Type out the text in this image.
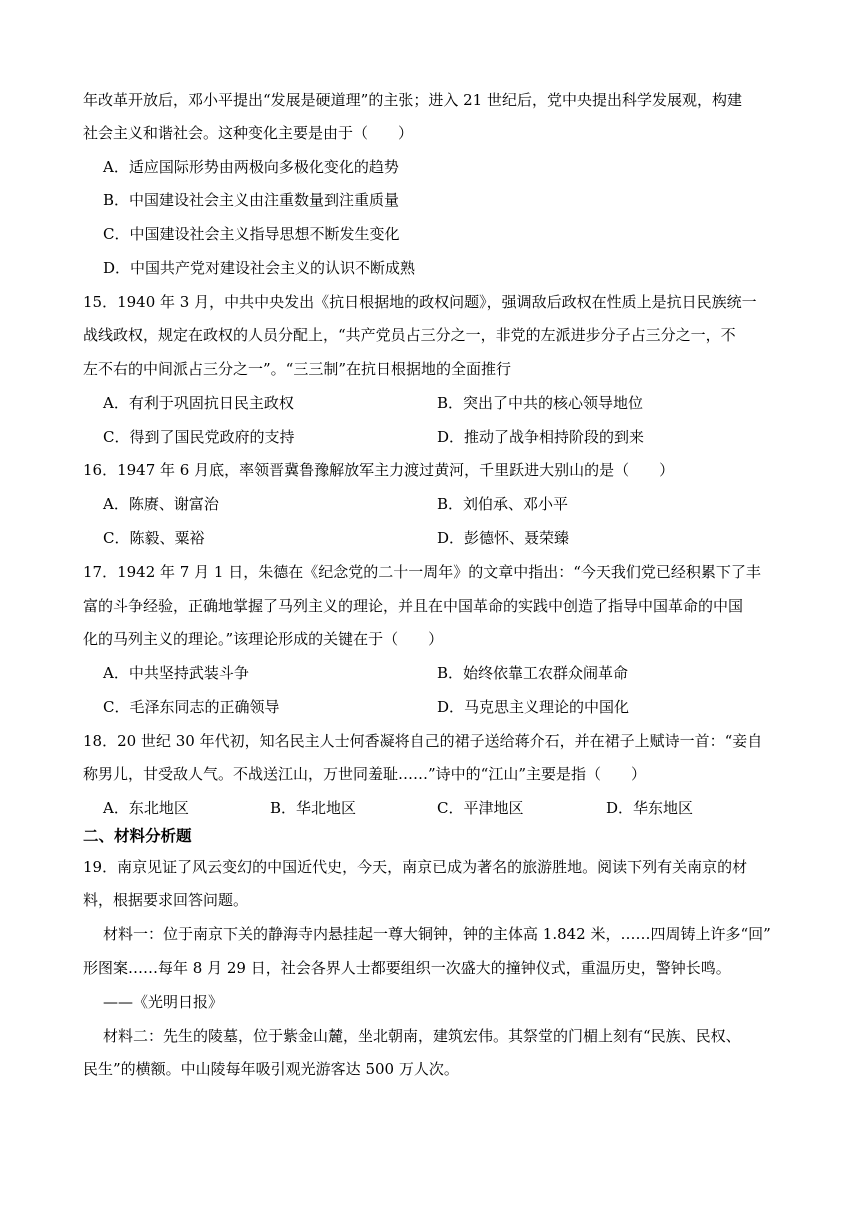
年改革开放后，邓小平提出“发展是硬道理”的主张；进入 21 世纪后，党中央提出科学发展观，构建
社会主义和谐社会。这种变化主要是由于（　　）
A．适应国际形势由两极向多极化变化的趋势
B．中国建设社会主义由注重数量到注重质量
C．中国建设社会主义指导思想不断发生变化
D．中国共产党对建设社会主义的认识不断成熟
15．1940 年 3 月，中共中央发出《抗日根据地的政权问题》，强调敌后政权在性质上是抗日民族统一
战线政权，规定在政权的人员分配上，“共产党员占三分之一，非党的左派进步分子占三分之一，不
左不右的中间派占三分之一”。“三三制”在抗日根据地的全面推行
A．有利于巩固抗日民主政权	B．突出了中共的核心领导地位
C．得到了国民党政府的支持	D．推动了战争相持阶段的到来
16．1947 年 6 月底，率领晋冀鲁豫解放军主力渡过黄河，千里跃进大别山的是（　　）
A．陈赓、谢富治	B．刘伯承、邓小平
C．陈毅、粟裕	D．彭德怀、聂荣臻
17．1942 年 7 月 1 日，朱德在《纪念党的二十一周年》的文章中指出：“今天我们党已经积累下了丰
富的斗争经验，正确地掌握了马列主义的理论，并且在中国革命的实践中创造了指导中国革命的中国
化的马列主义的理论。”该理论形成的关键在于（　　）
A．中共坚持武装斗争	B．始终依靠工农群众闹革命
C．毛泽东同志的正确领导	D．马克思主义理论的中国化
18．20 世纪 30 年代初，知名民主人士何香凝将自己的裙子送给蒋介石，并在裙子上赋诗一首：“妾自
称男儿，甘受敌人气。不战送江山，万世同羞耻……”诗中的“江山”主要是指（　　）
A．东北地区	B．华北地区	C．平津地区	D．华东地区
二、材料分析题
19．南京见证了风云变幻的中国近代史，今天，南京已成为著名的旅游胜地。阅读下列有关南京的材
料，根据要求回答问题。
材料一：位于南京下关的静海寺内悬挂起一尊大铜钟，钟的主体高 1.842 米，……四周铸上许多“回”
形图案……每年 8 月 29 日，社会各界人士都要组织一次盛大的撞钟仪式，重温历史，警钟长鸣。
——《光明日报》
材料二：先生的陵墓，位于紫金山麓，坐北朝南，建筑宏伟。其祭堂的门楣上刻有“民族、民权、
民生”的横额。中山陵每年吸引观光游客达 500 万人次。
